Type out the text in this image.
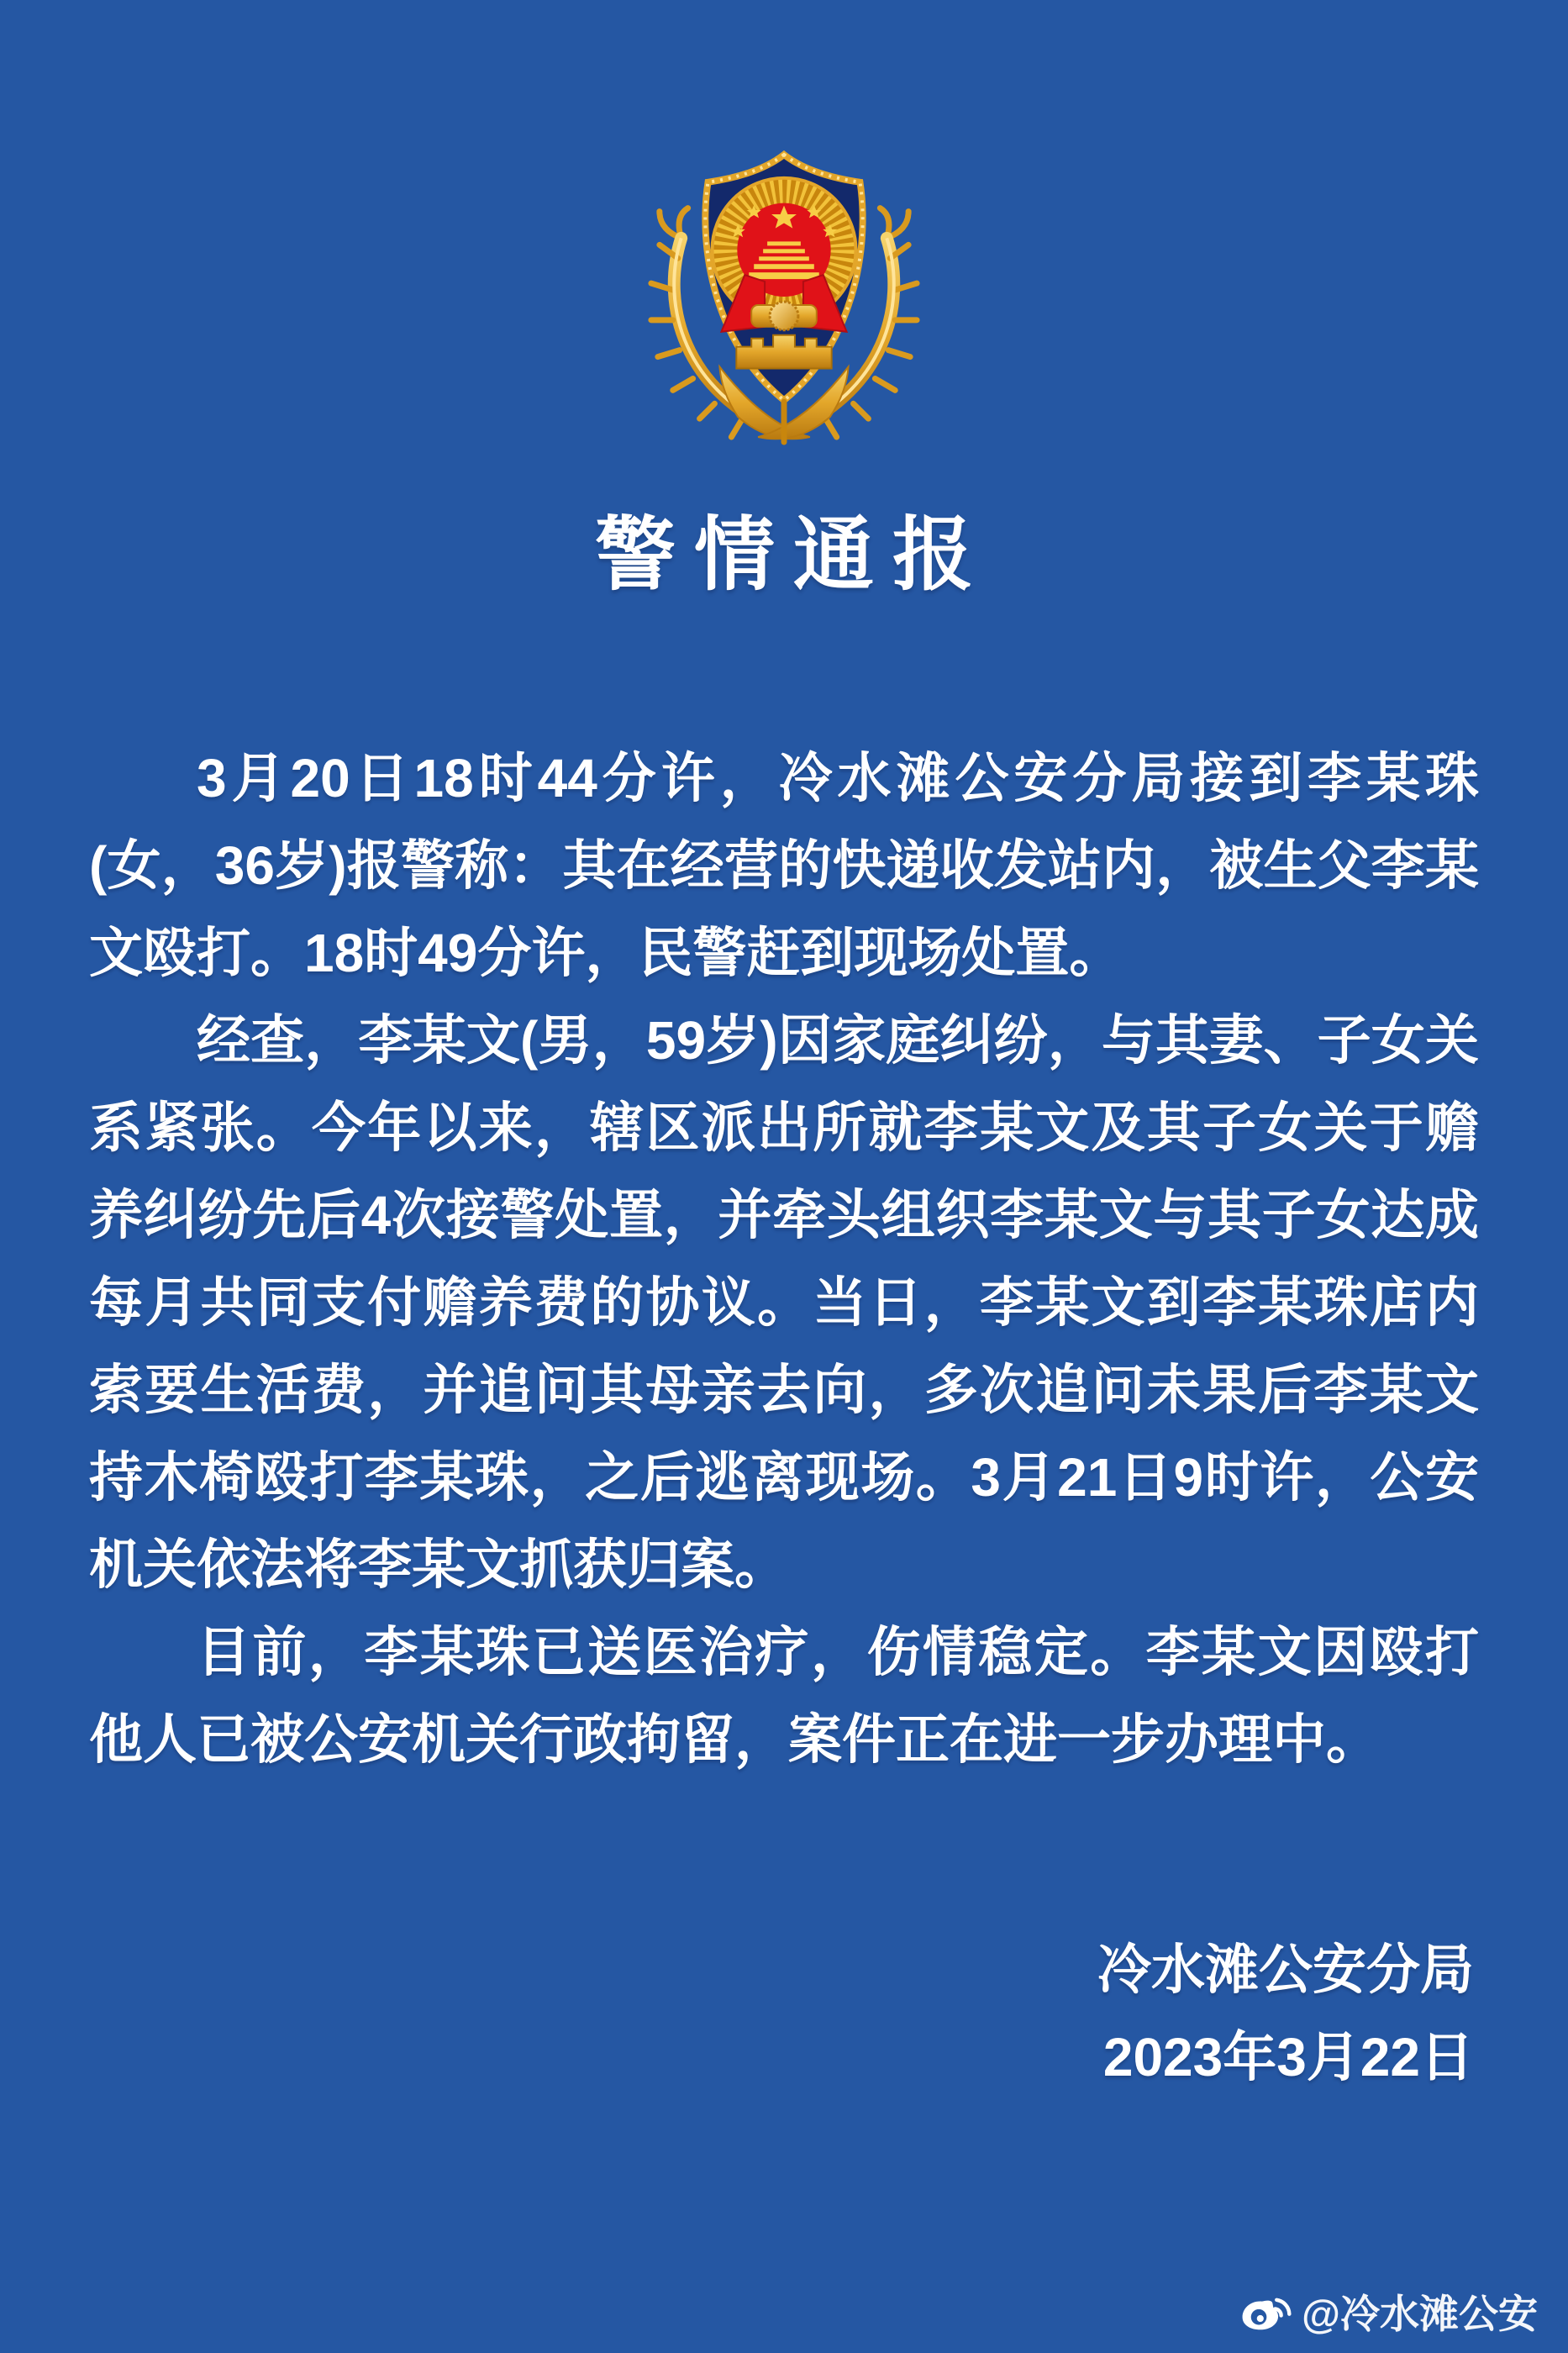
警情通报

3月20日18时44分许，冷水滩公安分局接到李某珠(女，36岁)报警称：其在经营的快递收发站内，被生父李某文殴打。18时49分许，民警赶到现场处置。

经查，李某文(男，59岁)因家庭纠纷，与其妻、子女关系紧张。今年以来，辖区派出所就李某文及其子女关于赡养纠纷先后4次接警处置，并牵头组织李某文与其子女达成每月共同支付赡养费的协议。当日，李某文到李某珠店内索要生活费，并追问其母亲去向，多次追问未果后李某文持木椅殴打李某珠，之后逃离现场。3月21日9时许，公安机关依法将李某文抓获归案。

目前，李某珠已送医治疗，伤情稳定。李某文因殴打他人已被公安机关行政拘留，案件正在进一步办理中。

冷水滩公安分局
2023年3月22日
@冷水滩公安
